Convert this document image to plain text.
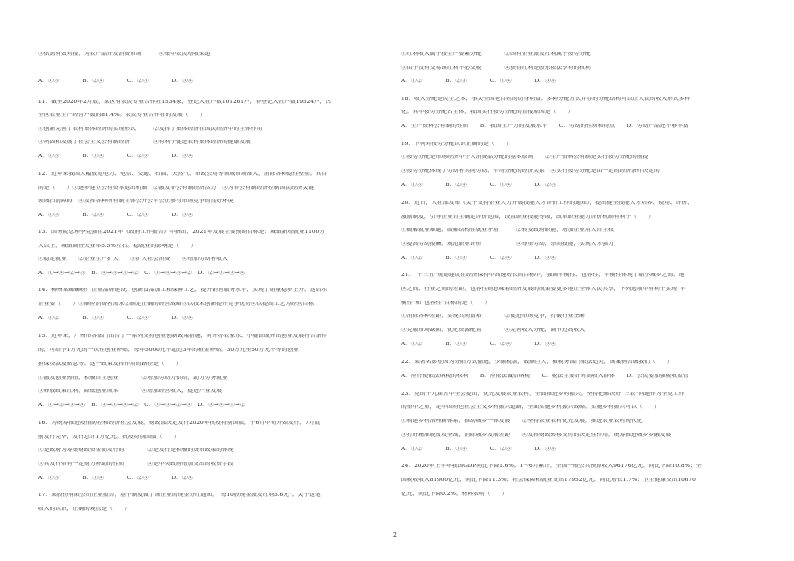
③供需有效对接，为农产品开发消费市场　　　④集中农民增收渠道
A．①③　　　　B．②④　　　　C．②③　　　　D．③④
11．截至2020年2月底，某区有农民专业合作社1534家，登记入社户数101261户，非登记入社户数19524户，占
全区农业生产经营户数的81.4%。农民专业合作社的发展（　　）
①创新完善了农村集体经济的实现形式　　　②发挥了集体经济在国民经济中的主体作用
③巩固和发展了社会主义公有制经济　　　　④有利于促进农村集体经济的健康发展
A．①③　　　　B．①④　　　　C．②③　　　　D．③④
12．近年来我国大幅放宽电力、电信、交通、石油、天然气、市政公用等领域市场准入，消除各种隐性壁垒。其目
的是（　　）①逐步建立公有资本退出机制　②激发非公有制经济活力　③为非公有制经济控制国民经济关键
领域扫清障碍　④发挥各种所有制主体公开公平公正参与市场竞争的良好环境
A．①③　　　　B．②④　　　　C．②③　　　　D．③④
13．国务院总理李克强在2021年《政府工作报告》中指出，2021年发展主要预期目标是：城镇新增就业1100万
人以上，城镇调查失业率5.5%左右。稳就业的影响是（　　）
①稳定就业　　②企业生产扩大　　③扩大社会消费　　④增加劳动者收入
A．①→④→②→③　B．④→③→①→②　C．①→④→③→②　D．②→①→③→④
14．柳州某螺蛳粉厂注重品牌建设，创新食品加工和保鲜工艺，提升销售服务水平，实现了销量稳步上升。这启示
企业要（　　）①顺应消费者需求②制定正确的经营战略③以技术创新提升竞争优势④以提高工艺为经营目标
A．①②　　　　B．①③　　　　C．②③　　　　D．③④
15．近年来，广州市各部门出台了一系列支持创业创新政策措施，对开办农家乐、小餐馆或外出创业发展符合条件
的，可给予1万元的一次性创业补贴，每年5000元不超过3年的租金补贴，30万元至50万元不等的创业
担保贷款及贴息等。这一政策发挥作用的路径是（　　）
①激发创业热情，积极自主创业　　　　②增加劳动力供给，助力劳务就业
③释放政策红利，降低创业成本　　　　④增加经营收入，促进产业发展
A．①→②→③→④　B．③→①→④→②　C．①→③→②→④　D．③→④→①→②
16．为统筹推进疫情防控和经济社会发展，财政部决定发行2020年抗疫特别国债，于6月中旬开始发行，7月底
前发行完毕，发行总计1万亿元。抗疫特别国债（　　）
①是政府为筹集财政资金而发行的　　　　②是发行是积极的货币政策的体现
③其发行带有一定财力补助的性质　　　　④是中央政府增加支出的收资手段
A．①③　　　　B．①④　　　　C．②③　　　　D．②④
17．某股份有限公司企业报告，基于制度做了该企业的现金分红通知，“每10股现金派发红利5.6元”。关于这笔
收入的认识，正确的观点是（　　）
①红利收入属于按生产要素分配　　　　②国有企业派发红利属于按劳分配
③由于没有交易该红利不必交税　　　　④获得红利是股东依法享有的权利
A．①②　　　　B．②③　　　　C．①④　　　　D．③④
18．收入分配是民生之本，事关全国老百姓的切身利益。多种分配方式并存的分配结构可以让人民的收入形式多样
化。其中按劳分配占主体，我国实行按劳分配的直接原因是（　　）
A．生产资料公有制的性质　　B．我国生产力的发展水平　　C．劳动的性质和特点　　D．劳动产品还不够丰富
19．下列对按劳分配认识正确的是（　　）
①按劳分配是市场经济中个人消费品分配的基本原则　　②生产资料公有制是实行按劳分配的前提
③按劳分配体现了劳动者共同劳动、平均分配的经济关系　④实行按劳分配是由一定的经济条件决定的
A．①③　　　　B．②④　　　　C．①④　　　　D．②③
20．近日，人社部发布《关于支持企业大力开展技能人才评价工作的通知》，提出健全技能人才培养、使用、评价、
激励制度，引导企业自主确定评价范围，设置职业技能等级，改革职业能力评价机制有利于（　　）
①破解就业难题，缓解结构性就业矛盾　　　②转变政府职能，增加企业用人自主权
③提高劳动报酬，规范职业评价　　　　　　④尊重劳动，崇尚技能，实现人才强力
A．①②　　　　B．①③　　　　C．②④　　　　D．③④
21．“十三五”规划建议在经济保持中高速增长的目标中，强调平衡性、包容性，平衡性体现了缩小城乡之间、地
区之间、行业之间的差距，包容性则意味着经济发展的成果要更多地让全体人民共享，下列选项中有利于实现“平
衡性”和“包容性”目标的是（　　）
①消除各种差距，实现共同富裕　　　　②促进市场竞争，打破行业垄断
③克服市场缺陷，优化资源配置　　　　④完善收入分配，调节过高收入
A．①②　　　　B．①③　　　　C．②④　　　　D．③④
22．某著名影星因为分阳方式偷逃，少缴税款，数额巨大，被税务部门依法追究，该案例告诫我们（　　）
A．应行使依法纳税的权利　　B．应依法诚信纳税　　C．税法主要针对高收入群体　　D．公民要加强税收监管
23．党的十九届五中全会提出，优先发展农业农村，全面推进乡村振兴。坚持把解决好“三农”问题作为全党工作
的重中之重，走中国特色社会主义乡村振兴道路，全面实施乡村振兴战略。实施乡村振兴可以（　　）
①构建乡村治理新体系，推动城乡一体发展　　②坚持农业农村优先发展，推进农业农村现代化
③打好精准脱贫攻坚战，消除城乡发展差距　　④发挥财政转移支付的决定性作用，统筹推进城乡乡融发展
A．①②　　　　B．①④　　　　C．②③　　　　D．③④
24．2020年上半年我国GDP同比下降1.6%。1～6月累计，全国一般公共预算收入96176亿元，同比下降10.8%；全
国税收收入81900亿元，同比下降11.3%；社会保障和就业支出17952亿元，同比增长1.7%；卫生健康支出10670
亿元，同比下降0.2%。材料表明（　　）
2
